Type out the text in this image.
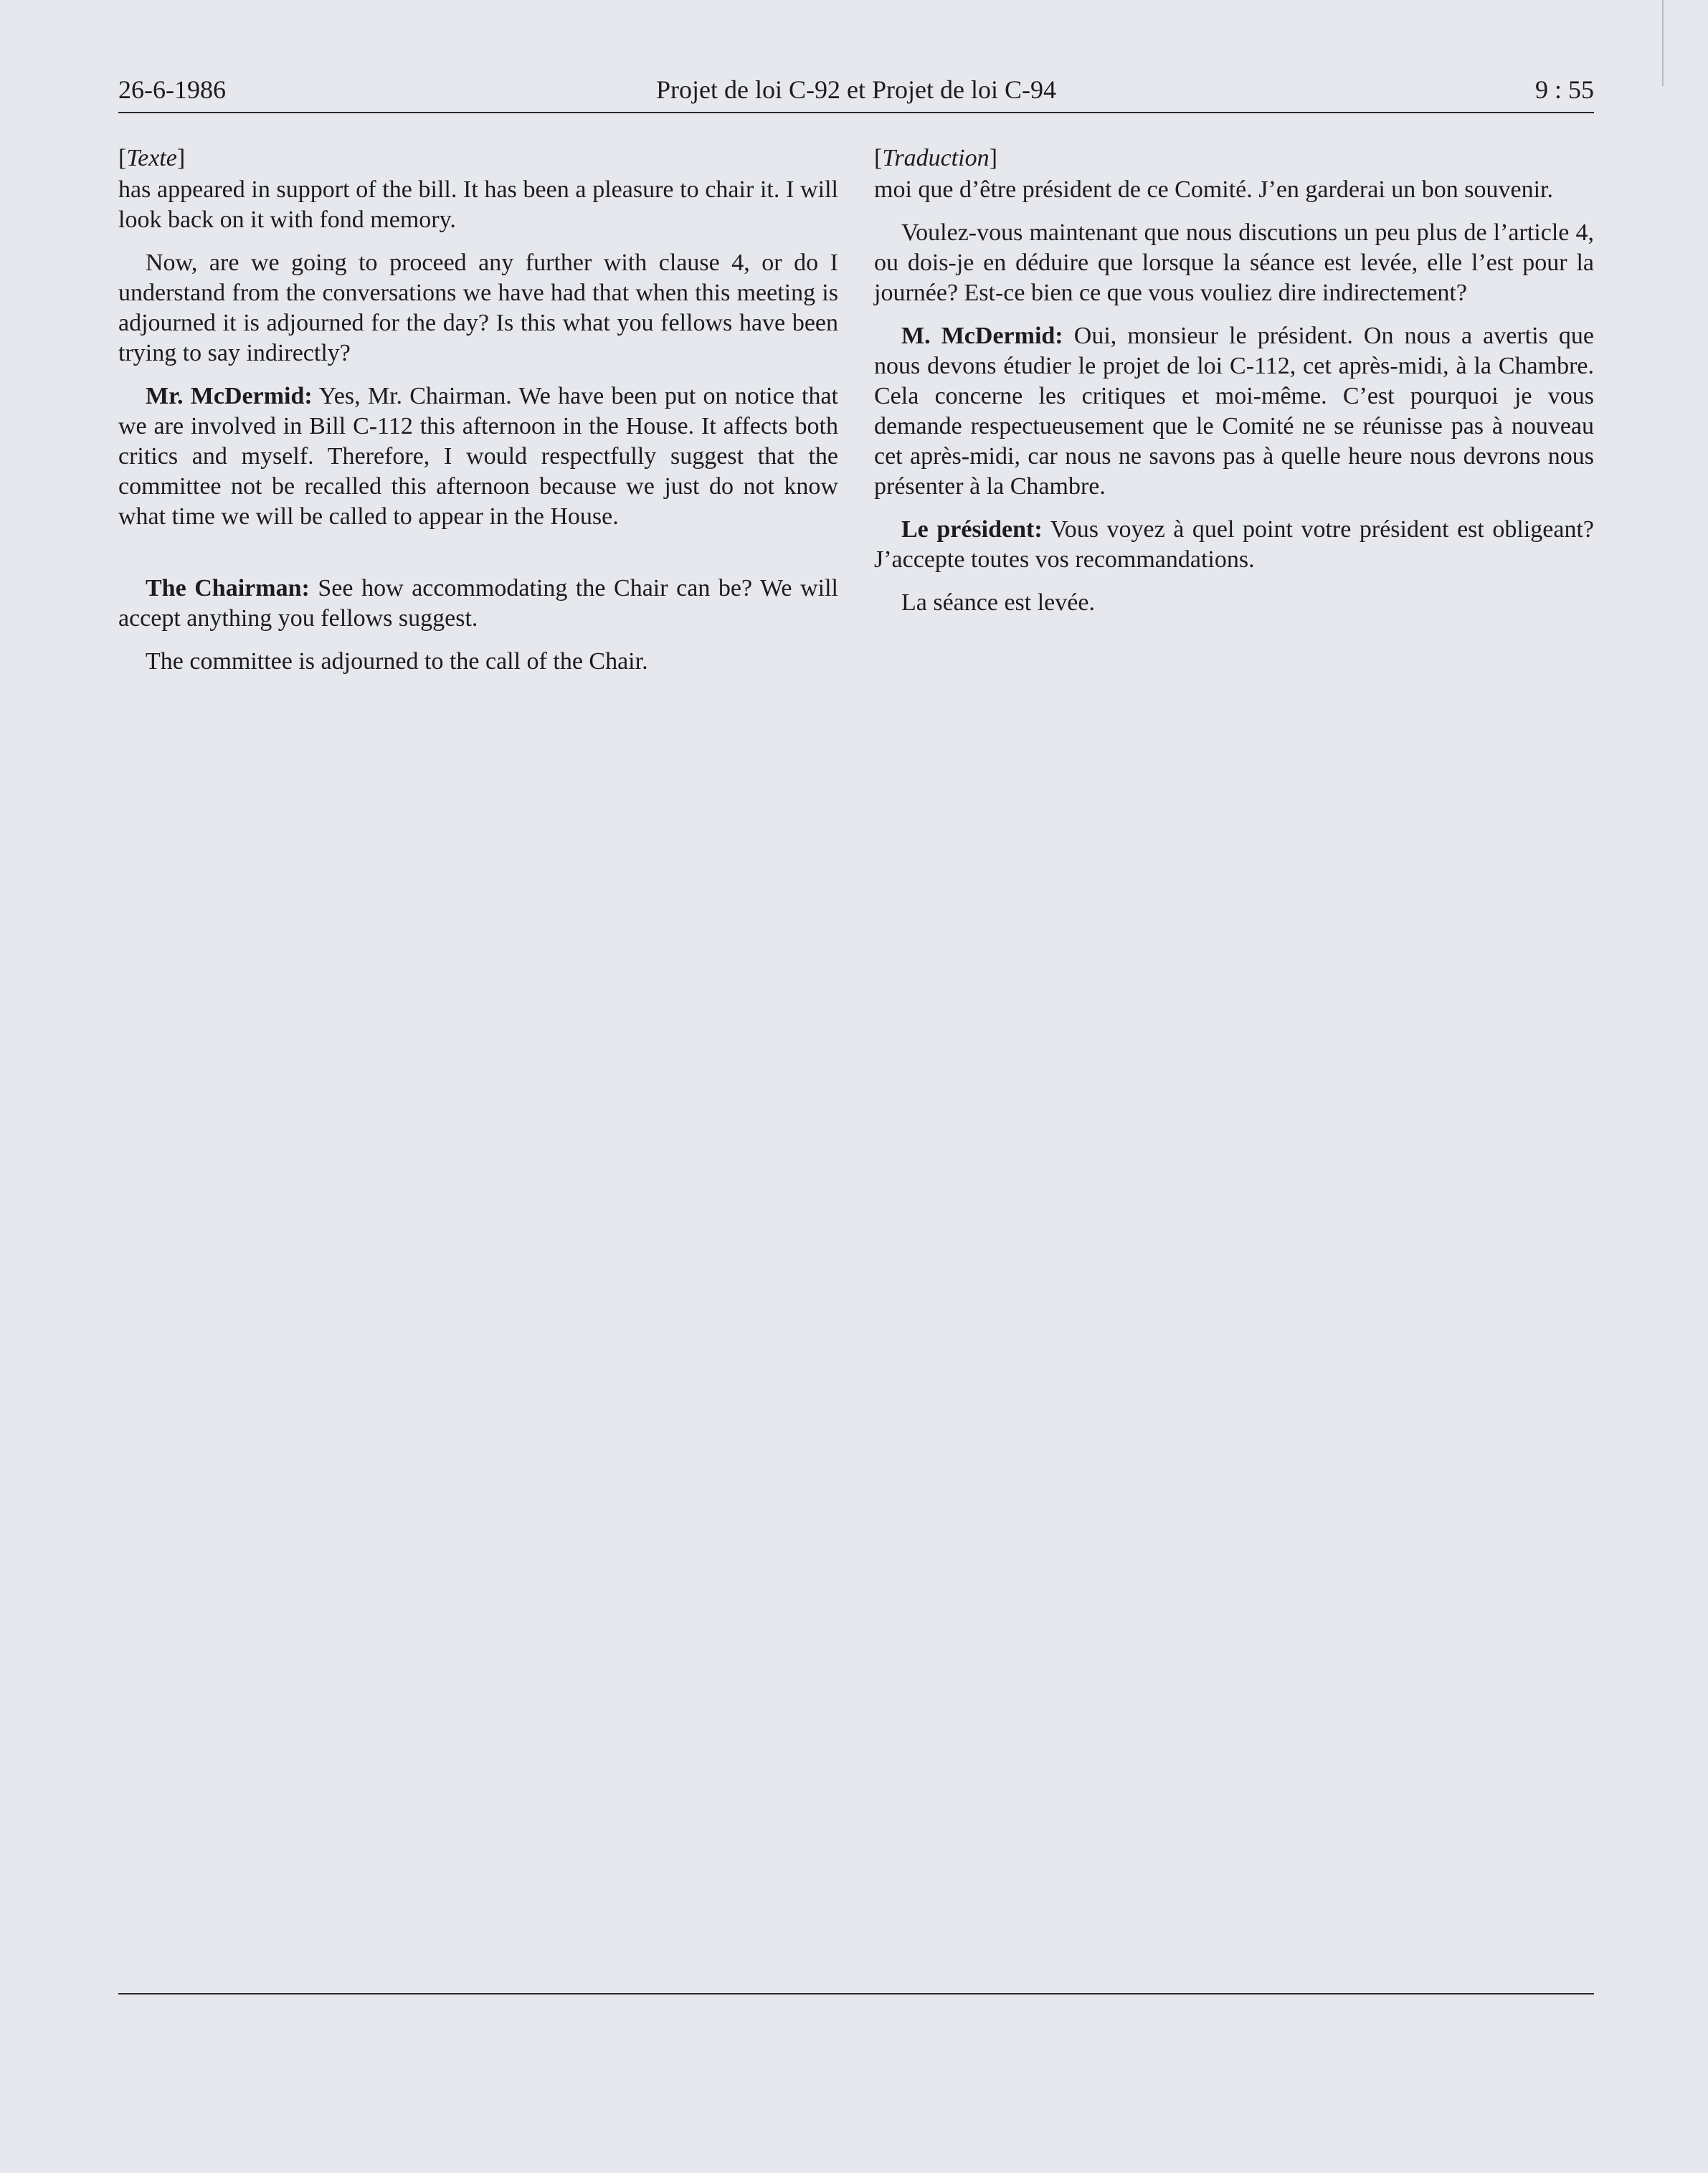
26-6-1986	Projet de loi C-92 et Projet de loi C-94	9 : 55
[Texte]

has appeared in support of the bill. It has been a pleasure to chair it. I will look back on it with fond memory.

Now, are we going to proceed any further with clause 4, or do I understand from the conversations we have had that when this meeting is adjourned it is adjourned for the day? Is this what you fellows have been trying to say indirectly?

Mr. McDermid: Yes, Mr. Chairman. We have been put on notice that we are involved in Bill C-112 this afternoon in the House. It affects both critics and myself. Therefore, I would respectfully suggest that the committee not be recalled this afternoon because we just do not know what time we will be called to appear in the House.

The Chairman: See how accommodating the Chair can be? We will accept anything you fellows suggest.

The committee is adjourned to the call of the Chair.

[Traduction]

moi que d’être président de ce Comité. J’en garderai un bon souvenir.

Voulez-vous maintenant que nous discutions un peu plus de l’article 4, ou dois-je en déduire que lorsque la séance est levée, elle l’est pour la journée? Est-ce bien ce que vous vouliez dire indirectement?

M. McDermid: Oui, monsieur le président. On nous a avertis que nous devons étudier le projet de loi C-112, cet après-midi, à la Chambre. Cela concerne les critiques et moi-même. C’est pourquoi je vous demande respectueusement que le Comité ne se réunisse pas à nouveau cet après-midi, car nous ne savons pas à quelle heure nous devrons nous présenter à la Chambre.

Le président: Vous voyez à quel point votre président est obligeant? J’accepte toutes vos recommandations.

La séance est levée.
